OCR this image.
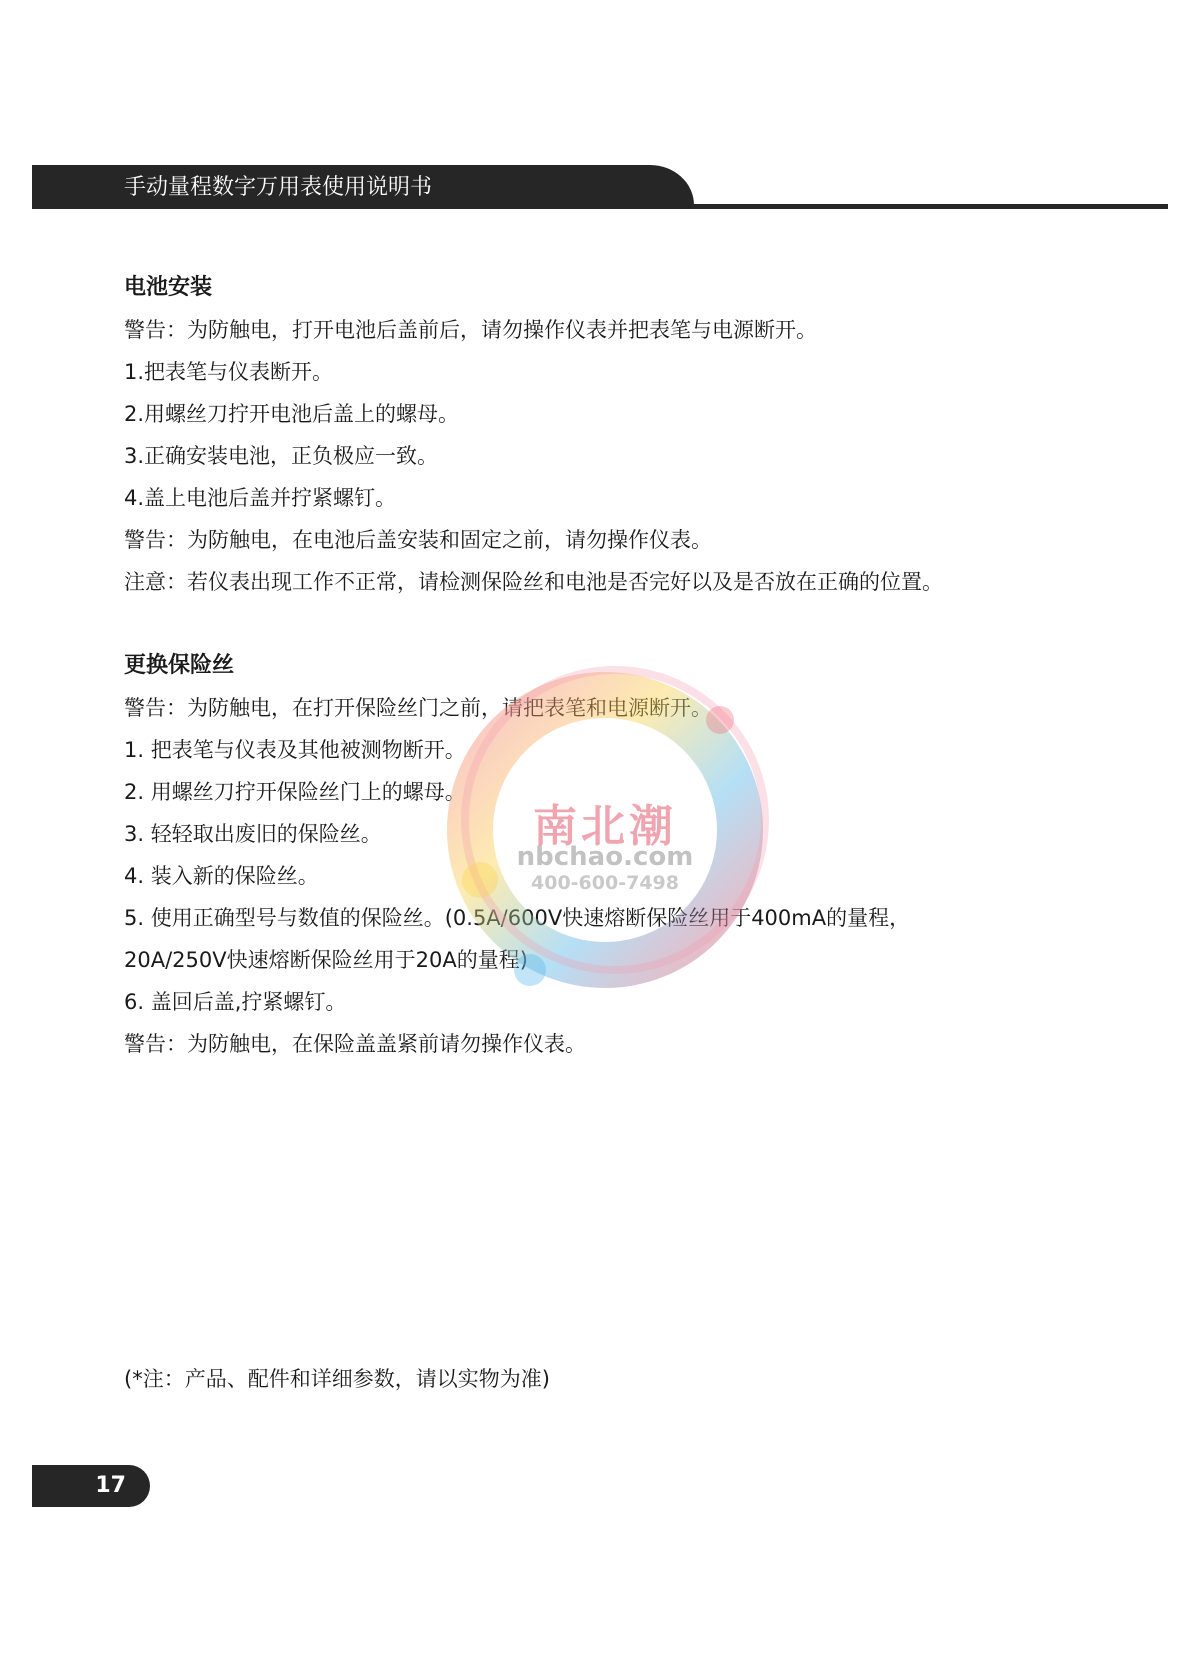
手动量程数字万用表使用说明书
电池安装
警告：为防触电，打开电池后盖前后，请勿操作仪表并把表笔与电源断开。
1.把表笔与仪表断开。
2.用螺丝刀拧开电池后盖上的螺母。
3.正确安装电池，正负极应一致。
4.盖上电池后盖并拧紧螺钉。
警告：为防触电，在电池后盖安装和固定之前，请勿操作仪表。
注意：若仪表出现工作不正常，请检测保险丝和电池是否完好以及是否放在正确的位置。
更换保险丝
警告：为防触电，在打开保险丝门之前，请把表笔和电源断开。
1. 把表笔与仪表及其他被测物断开。
2. 用螺丝刀拧开保险丝门上的螺母。
3. 轻轻取出废旧的保险丝。
4. 装入新的保险丝。
5. 使用正确型号与数值的保险丝。(0.5A/600V快速熔断保险丝用于400mA的量程，
20A/250V快速熔断保险丝用于20A的量程)
6. 盖回后盖,拧紧螺钉。
警告：为防触电，在保险盖盖紧前请勿操作仪表。
南北潮
nbchao.com
400-600-7498
(*注：产品、配件和详细参数，请以实物为准)
17
